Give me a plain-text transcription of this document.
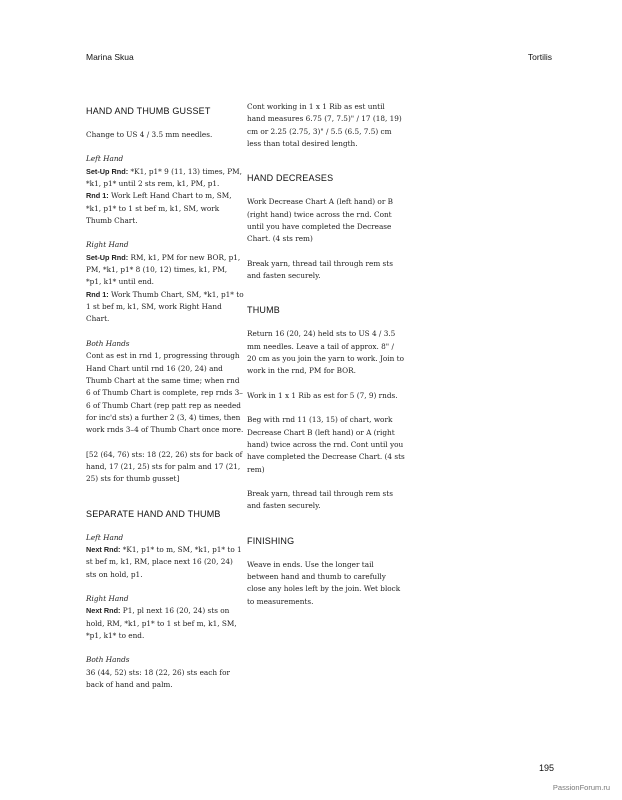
Marina Skua	Tortilis
HAND AND THUMB GUSSET

Change to US 4 / 3.5 mm needles.

Left Hand
Set-Up Rnd: *K1, p1* 9 (11, 13) times, PM, *k1, p1* until 2 sts rem, k1, PM, p1.
Rnd 1: Work Left Hand Chart to m, SM, *k1, p1* to 1 st bef m, k1, SM, work Thumb Chart.
Right Hand
Set-Up Rnd: RM, k1, PM for new BOR, p1, PM, *k1, p1* 8 (10, 12) times, k1, PM, *p1, k1* until end.
Rnd 1: Work Thumb Chart, SM, *k1, p1* to 1 st bef m, k1, SM, work Right Hand Chart.
Both Hands
Cont as est in rnd 1, progressing through Hand Chart until rnd 16 (20, 24) and Thumb Chart at the same time; when rnd 6 of Thumb Chart is complete, rep rnds 3–6 of Thumb Chart (rep patt rep as needed for inc'd sts) a further 2 (3, 4) times, then work rnds 3–4 of Thumb Chart once more.

[52 (64, 76) sts: 18 (22, 26) sts for back of hand, 17 (21, 25) sts for palm and 17 (21, 25) sts for thumb gusset]

SEPARATE HAND AND THUMB
Left Hand
Next Rnd: *K1, p1* to m, SM, *k1, p1* to 1 st bef m, k1, RM, place next 16 (20, 24) sts on hold, p1.
Right Hand
Next Rnd: P1, pl next 16 (20, 24) sts on hold, RM, *k1, p1* to 1 st bef m, k1, SM, *p1, k1* to end.
Both Hands
36 (44, 52) sts: 18 (22, 26) sts each for back of hand and palm.

Cont working in 1 x 1 Rib as est until hand measures 6.75 (7, 7.5)" / 17 (18, 19) cm or 2.25 (2.75, 3)" / 5.5 (6.5, 7.5) cm less than total desired length.

HAND DECREASES

Work Decrease Chart A (left hand) or B (right hand) twice across the rnd. Cont until you have completed the Decrease Chart. (4 sts rem)

Break yarn, thread tail through rem sts and fasten securely.

THUMB

Return 16 (20, 24) held sts to US 4 / 3.5 mm needles. Leave a tail of approx. 8" / 20 cm as you join the yarn to work. Join to work in the rnd, PM for BOR.

Work in 1 x 1 Rib as est for 5 (7, 9) rnds.

Beg with rnd 11 (13, 15) of chart, work Decrease Chart B (left hand) or A (right hand) twice across the rnd. Cont until you have completed the Decrease Chart. (4 sts rem)

Break yarn, thread tail through rem sts and fasten securely.

FINISHING

Weave in ends. Use the longer tail between hand and thumb to carefully close any holes left by the join. Wet block to measurements.

195
PassionForum.ru
